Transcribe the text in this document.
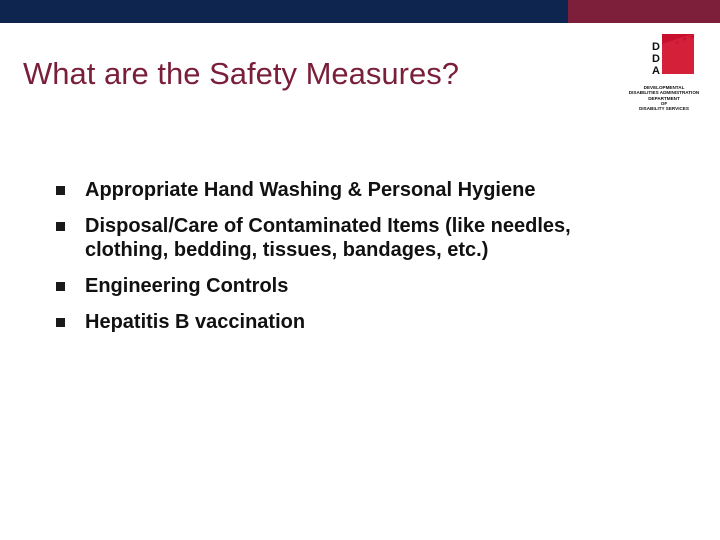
What are the Safety Measures?
★
★
★
D
D
A
DEVELOPMENTAL
DISABILITIES ADMINISTRATION
DEPARTMENT
OF
DISABILITY SERVICES
Appropriate Hand Washing & Personal Hygiene
Disposal/Care of Contaminated Items (like needles, clothing, bedding, tissues, bandages, etc.)
Engineering Controls
Hepatitis B vaccination
